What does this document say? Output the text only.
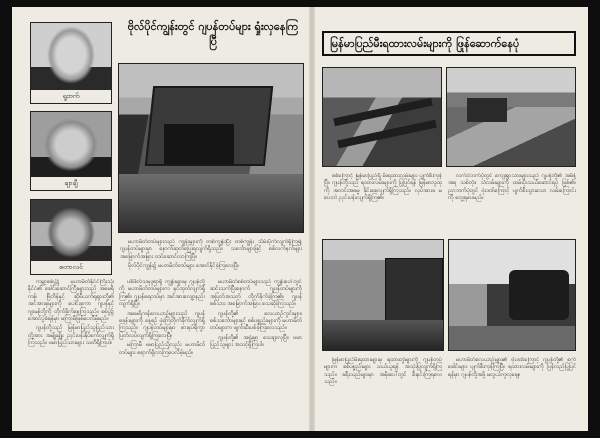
ရူးဗက်
ချာချီ
စတာလင်
ဗိုလ်ပိုင်ကျွန်းတွင် ဂျပန်တပ်များ ရှုံးလှနေကြပြီ

မဟာမိတ်တပ်များသည် ကျွန်းများကို တစ်ကျွန်းပြီး တစ်ကျွန်း သိမ်းပိုက်လျက်ရှိကြ၍ ဂျပန်တပ်များမှာ နောက်ဆုတ်ပြေးရလျက်ရှိသည်။ သင်္ဘောများဖြင့် စစ်လက်နက်များ အမြောက်အမြား တင်ဆောင်လာကြပြီ။

ဗိုလ်ပိုင်ကျွန်း၌ မဟာမိတ်တပ်များ အောင်နိုင်ခဲ့ကြလေပြီ။

ကမ္ဘာ့စစ်ပွဲ၌ မဟာမိတ်နိုင်ငံကြီးသုံးနိုင်ငံ၏ ခေါင်းဆောင်ကြီးများသည် အမေရိကန်၊ ဗြိတိန်နှင့် ဆိုဗီယက်ရုရှားတို့၏ အင်အားစုများကို ပေါင်းစုကာ ဂျပန်နှင့် ဂျာမန်တို့ကို တိုက်ခိုက်နေကြသည်။ စစ်ပွဲ၌ အောင်ပွဲခံရန်မှာ မကြာမီဖြစ်ပေလိမ့်မည်။

ဂျပန်တို့သည် မြန်မာပြည်သူပြည်သားတို့အား အမျိုးမျိုး ညှင်းပန်းနှိပ်စက်လျက်ရှိကြသည်။ ဗမာပြည်သားများ သတိရှိကြပါ။

ပစိဖိတ်သမုဒ္ဒရာရှိ ကျွန်းများမှ ဂျပန်တို့ကို မဟာမိတ်တပ်များက နှင်ထုတ်လျက်ရှိကြ၏။ ဂျပန်ရေတပ်မှာ အင်အားလျော့နည်းလျက်ရှိပြီ။

အမေရိကန်လေယာဉ်များသည် ဂျပန်စခန်းများကို နေ့စဉ် ဗုံးကြဲတိုက်ခိုက်လျက်ရှိကြသည်။ ဂျပန်တပ်များမှာ စားနပ်ရိက္ခာ ပြတ်လပ်လျက်ရှိကြလေပြီ။

မကြာမီ ဗမာပြည်သို့လည်း မဟာမိတ်တပ်များ ရောက်ရှိလာကြပေလိမ့်မည်။

မဟာမိတ်စစ်တပ်များသည် ကျွန်းပေါ်တွင် ဆင်းသက်ပြီးနောက် ဂျပန်တပ်များကို အပြတ်အသတ် တိုက်ခိုက်ခဲ့ကြ၏။ ဂျပန်စစ်သား အမြောက်အမြား သေဆုံးကြသည်။

ဂျပန်တို့၏ လေယာဉ်ကွင်းများ၊ စစ်သင်္ဘောများနှင့် စစ်ပစ္စည်းများကို မဟာမိတ်တပ်များက ဖျက်ဆီးပစ်ခဲ့ကြလေသည်။

ဂျပန်တို့၏ အရှုံးမှာ သေချာလှပြီ။ ဗမာပြည်သူများ အသင့်ရှိကြပါ။

မြန်မာပြည်မီးရထားလမ်းများကို ဖြုန်ဆောက်နေပုံ

စစ်ကြောင့် မြန်မာပြည်ရှိ မီးရထားလမ်းများ ပျက်စီးကုန်ပြီ။ ဂျပန်တို့သည် ရထားလမ်းများကို ပြုပြင်ရန် မြန်မာလူထုကို အတင်းအဓမ္မ ခိုင်းစေလျက်ရှိကြသည်။ လုပ်အားခ မပေးဘဲ ညှင်းပန်းလျက်ရှိကြ၏။

လက်ဝဲဘက်ပုံတွင် ကျေးရွာသားများသည် ဂျပန်တို့၏ အမိန့်အရ သစ်တုံး၊ သံလမ်းများကို ထမ်းပိုးသယ်ဆောင်ရပုံ ဖြစ်၏။ ညာဘက်ပုံတွင် ဗုံးဒဏ်ကြောင့် ပျက်စီးသွားသော လမ်းကြောင်းကို တွေ့ရပေမည်။

မြန်မာပြည်မီးရထားများမှ ရထားတွဲများကို ဂျပန်တပ်များက စစ်ပစ္စည်းများ သယ်ယူရန် အသုံးပြုလျက်ရှိကြသည်။ ခရီးသည်များမှာ အမိုးပေါ်တွင် စီးနင်းကြရလေသည်။

မဟာမိတ်လေယာဉ်များ၏ ဗုံးဒဏ်ကြောင့် ဂျပန်တို့၏ စက်ခေါင်းများ ပျက်စီးကုန်ကြပြီ။ ရထားလမ်းများကို ပြန်လည်ပြုပြင်ရန်မှာ ဂျပန်တို့အဖို့ မလွယ်ကူလှချေ။
